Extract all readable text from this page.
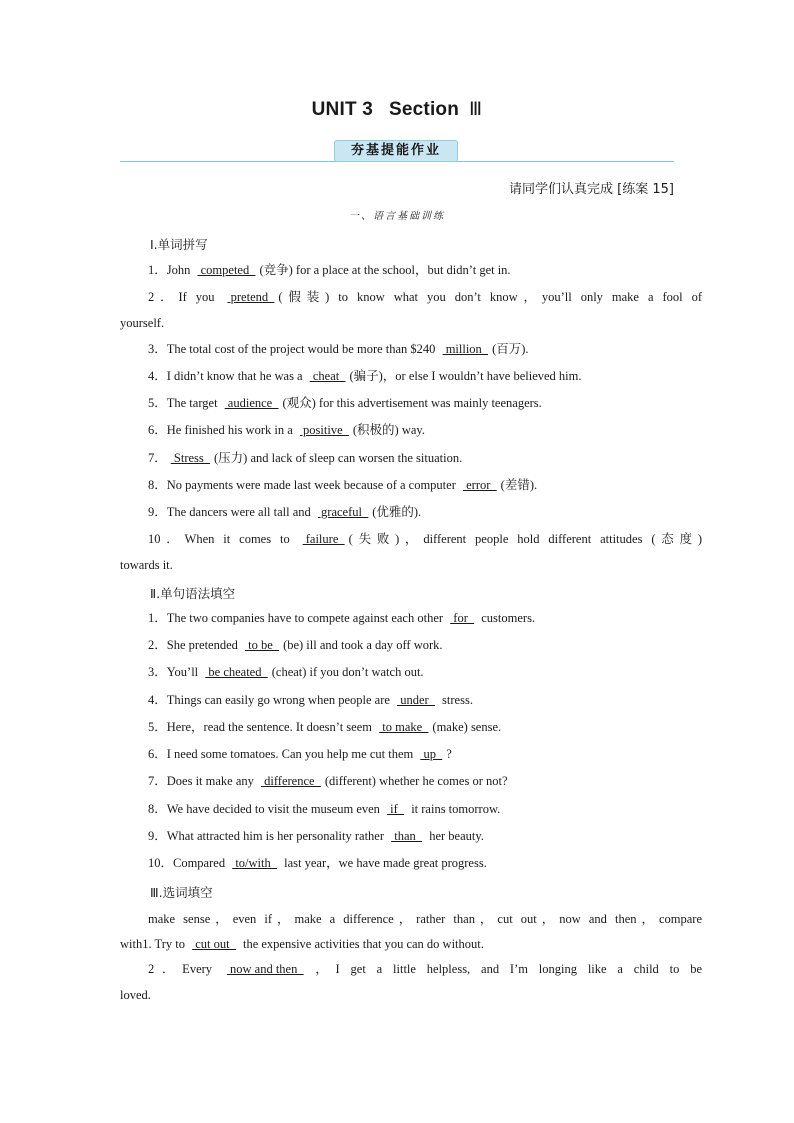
UNIT 3 Section Ⅲ
夯基提能作业
请同学们认真完成 [练案 15]
一、语言基础训练
Ⅰ.单词拼写
1．John  competed  (竞争) for a place at the school，but didn’t get in.
2．If you  pretend  (假装) to know what you don’t know，you’ll only make a fool of
yourself.
3．The total cost of the project would be more than $240  million  (百万).
4．I didn’t know that he was a  cheat  (骗子)，or else I wouldn’t have believed him.
5．The target  audience  (观众) for this advertisement was mainly teenagers.
6．He finished his work in a  positive  (积极的) way.
7． Stress  (压力) and lack of sleep can worsen the situation.
8．No payments were made last week because of a computer  error  (差错).
9．The dancers were all tall and  graceful  (优雅的).
10．When it comes to  failure  (失败)，different people hold different attitudes (态度)
towards it.
Ⅱ.单句语法填空
1．The two companies have to compete against each other  for   customers.
2．She pretended  to be  (be) ill and took a day off work.
3．You’ll  be cheated  (cheat) if you don’t watch out.
4．Things can easily go wrong when people are  under   stress.
5．Here，read the sentence. It doesn’t seem  to make  (make) sense.
6．I need some tomatoes. Can you help me cut them  up  ?
7．Does it make any  difference  (different) whether he comes or not?
8．We have decided to visit the museum even  if   it rains tomorrow.
9．What attracted him is her personality rather  than   her beauty.
10．Compared  to/with   last year，we have made great progress.
Ⅲ.选词填空
make sense，even if，make a difference，rather than，cut out，now and then，compare
with1. Try to  cut out   the expensive activities that you can do without.
2．Every  now and then  ，I get a little helpless, and I’m longing like a child to be
loved.
